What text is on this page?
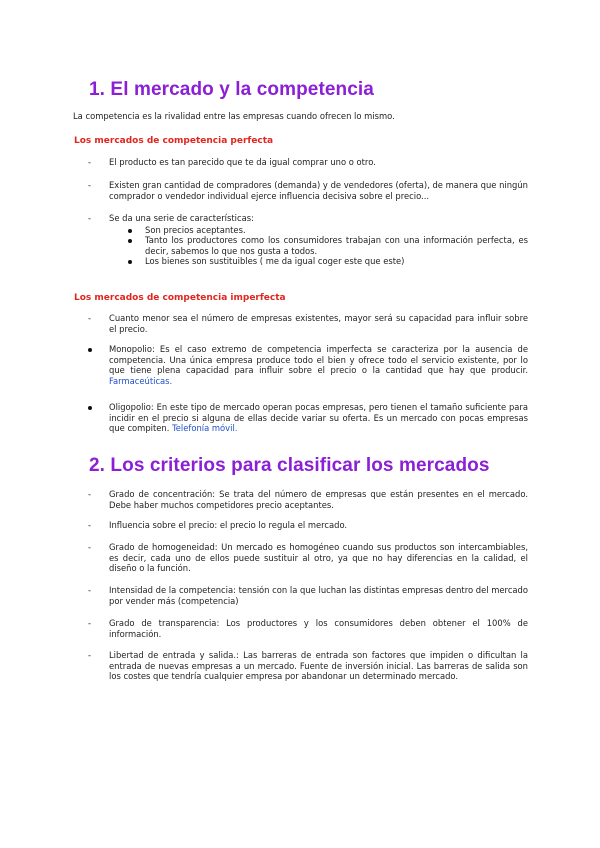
1. El mercado y la competencia
La competencia es la rivalidad entre las empresas cuando ofrecen lo mismo.
Los mercados de competencia perfecta
-	El producto es tan parecido que te da igual comprar uno o otro.
-	Existen gran cantidad de compradores (demanda) y de vendedores (oferta), de manera que ningún comprador o vendedor individual ejerce influencia decisiva sobre el precio...
-	Se da una serie de características:
Son precios aceptantes.
Tanto los productores como los consumidores trabajan con una información perfecta, es decir, sabemos lo que nos gusta a todos.
Los bienes son sustituibles ( me da igual coger este que este)
Los mercados de competencia imperfecta
-	Cuanto menor sea el número de empresas existentes, mayor será su capacidad para influir sobre el precio.
Monopolio: Es el caso extremo de competencia imperfecta se caracteriza por la ausencia de competencia. Una única empresa produce todo el bien y ofrece todo el servicio existente, por lo que tiene plena capacidad para influir sobre el precio o la cantidad que hay que producir. Farmaceúticas.
Oligopolio: En este tipo de mercado operan pocas empresas, pero tienen el tamaño suficiente para incidir en el precio si alguna de ellas decide variar su oferta. Es un mercado con pocas empresas que compiten. Telefonía móvil.
2. Los criterios para clasificar los mercados
-	Grado de concentración: Se trata del número de empresas que están presentes en el mercado. Debe haber muchos competidores precio aceptantes.
-	Influencia sobre el precio: el precio lo regula el mercado.
-	Grado de homogeneidad: Un mercado es homogéneo cuando sus productos son intercambiables, es decir, cada uno de ellos puede sustituir al otro, ya que no hay diferencias en la calidad, el diseño o la función.
-	Intensidad de la competencia: tensión con la que luchan las distintas empresas dentro del mercado por vender más (competencia)
-	Grado de transparencia: Los productores y los consumidores deben obtener el 100% de información.
-	Libertad de entrada y salida.: Las barreras de entrada son factores que impiden o dificultan la entrada de nuevas empresas a un mercado. Fuente de inversión inicial. Las barreras de salida son los costes que tendría cualquier empresa por abandonar un determinado mercado.
